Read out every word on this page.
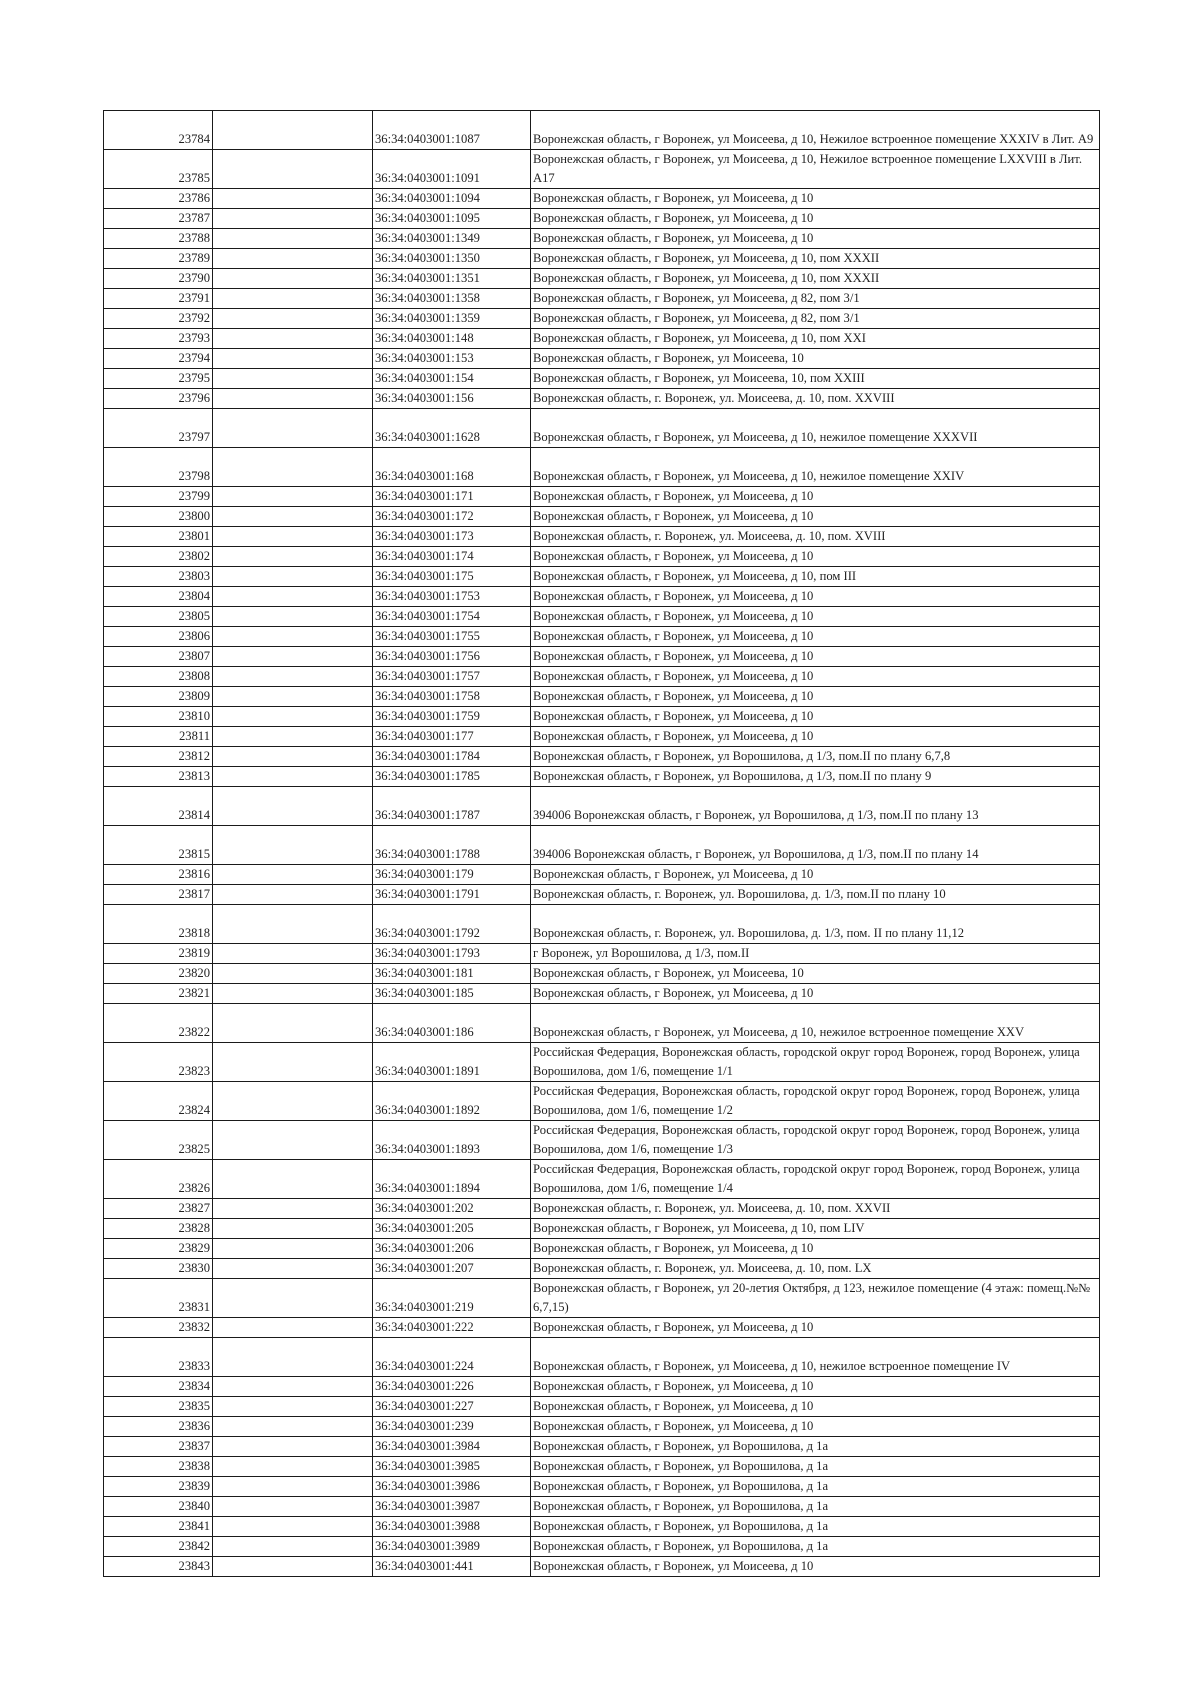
23784		36:34:0403001:1087	Воронежская область, г Воронеж, ул Моисеева, д 10, Нежилое встроенное помещение XXXIV в Лит. А9
23785		36:34:0403001:1091	Воронежская область, г Воронеж, ул Моисеева, д 10, Нежилое встроенное помещение LXXVIII в Лит. А17
23786		36:34:0403001:1094	Воронежская область, г Воронеж, ул Моисеева, д 10
23787		36:34:0403001:1095	Воронежская область, г Воронеж, ул Моисеева, д 10
23788		36:34:0403001:1349	Воронежская область, г Воронеж, ул Моисеева, д 10
23789		36:34:0403001:1350	Воронежская область, г Воронеж, ул Моисеева, д 10, пом XXXII
23790		36:34:0403001:1351	Воронежская область, г Воронеж, ул Моисеева, д 10, пом XXXII
23791		36:34:0403001:1358	Воронежская область, г Воронеж, ул Моисеева, д 82, пом 3/1
23792		36:34:0403001:1359	Воронежская область, г Воронеж, ул Моисеева, д 82, пом 3/1
23793		36:34:0403001:148	Воронежская область, г Воронеж, ул Моисеева, д 10, пом XXI
23794		36:34:0403001:153	Воронежская область, г Воронеж, ул Моисеева, 10
23795		36:34:0403001:154	Воронежская область, г Воронеж, ул Моисеева, 10, пом XXIII
23796		36:34:0403001:156	Воронежская область, г. Воронеж, ул. Моисеева, д. 10, пом. XXVIII
23797		36:34:0403001:1628	Воронежская область, г Воронеж, ул Моисеева, д 10, нежилое помещение XXXVII
23798		36:34:0403001:168	Воронежская область, г Воронеж, ул Моисеева, д 10, нежилое помещение XXIV
23799		36:34:0403001:171	Воронежская область, г Воронеж, ул Моисеева, д 10
23800		36:34:0403001:172	Воронежская область, г Воронеж, ул Моисеева, д 10
23801		36:34:0403001:173	Воронежская область, г. Воронеж, ул. Моисеева, д. 10, пом. XVIII
23802		36:34:0403001:174	Воронежская область, г Воронеж, ул Моисеева, д 10
23803		36:34:0403001:175	Воронежская область, г Воронеж, ул Моисеева, д 10, пом III
23804		36:34:0403001:1753	Воронежская область, г Воронеж, ул Моисеева, д 10
23805		36:34:0403001:1754	Воронежская область, г Воронеж, ул Моисеева, д 10
23806		36:34:0403001:1755	Воронежская область, г Воронеж, ул Моисеева, д 10
23807		36:34:0403001:1756	Воронежская область, г Воронеж, ул Моисеева, д 10
23808		36:34:0403001:1757	Воронежская область, г Воронеж, ул Моисеева, д 10
23809		36:34:0403001:1758	Воронежская область, г Воронеж, ул Моисеева, д 10
23810		36:34:0403001:1759	Воронежская область, г Воронеж, ул Моисеева, д 10
23811		36:34:0403001:177	Воронежская область, г Воронеж, ул Моисеева, д 10
23812		36:34:0403001:1784	Воронежская область, г Воронеж, ул Ворошилова, д 1/3, пом.II по плану 6,7,8
23813		36:34:0403001:1785	Воронежская область, г Воронеж, ул Ворошилова, д 1/3, пом.II по плану 9
23814		36:34:0403001:1787	394006 Воронежская область, г Воронеж, ул Ворошилова, д 1/3, пом.II по плану 13
23815		36:34:0403001:1788	394006 Воронежская область, г Воронеж, ул Ворошилова, д 1/3, пом.II по плану 14
23816		36:34:0403001:179	Воронежская область, г Воронеж, ул Моисеева, д 10
23817		36:34:0403001:1791	Воронежская область, г. Воронеж, ул. Ворошилова, д. 1/3, пом.II по плану 10
23818		36:34:0403001:1792	Воронежская область, г. Воронеж, ул. Ворошилова, д. 1/3, пом. II по плану 11,12
23819		36:34:0403001:1793	г Воронеж, ул Ворошилова, д 1/3, пом.II
23820		36:34:0403001:181	Воронежская область, г Воронеж, ул Моисеева, 10
23821		36:34:0403001:185	Воронежская область, г Воронеж, ул Моисеева, д 10
23822		36:34:0403001:186	Воронежская область, г Воронеж, ул Моисеева, д 10, нежилое встроенное помещение XXV
23823		36:34:0403001:1891	Российская Федерация, Воронежская область, городской округ город Воронеж, город Воронеж, улица Ворошилова, дом 1/6, помещение 1/1
23824		36:34:0403001:1892	Российская Федерация, Воронежская область, городской округ город Воронеж, город Воронеж, улица Ворошилова, дом 1/6, помещение 1/2
23825		36:34:0403001:1893	Российская Федерация, Воронежская область, городской округ город Воронеж, город Воронеж, улица Ворошилова, дом 1/6, помещение 1/3
23826		36:34:0403001:1894	Российская Федерация, Воронежская область, городской округ город Воронеж, город Воронеж, улица Ворошилова, дом 1/6, помещение 1/4
23827		36:34:0403001:202	Воронежская область, г. Воронеж, ул. Моисеева, д. 10, пом. XXVII
23828		36:34:0403001:205	Воронежская область, г Воронеж, ул Моисеева, д 10, пом LIV
23829		36:34:0403001:206	Воронежская область, г Воронеж, ул Моисеева, д 10
23830		36:34:0403001:207	Воронежская область, г. Воронеж, ул. Моисеева, д. 10, пом. LX
23831		36:34:0403001:219	Воронежская область, г Воронеж, ул 20-летия Октября, д 123, нежилое помещение (4 этаж: помещ.№№ 6,7,15)
23832		36:34:0403001:222	Воронежская область, г Воронеж, ул Моисеева, д 10
23833		36:34:0403001:224	Воронежская область, г Воронеж, ул Моисеева, д 10, нежилое встроенное помещение IV
23834		36:34:0403001:226	Воронежская область, г Воронеж, ул Моисеева, д 10
23835		36:34:0403001:227	Воронежская область, г Воронеж, ул Моисеева, д 10
23836		36:34:0403001:239	Воронежская область, г Воронеж, ул Моисеева, д 10
23837		36:34:0403001:3984	Воронежская область, г Воронеж, ул Ворошилова, д 1а
23838		36:34:0403001:3985	Воронежская область, г Воронеж, ул Ворошилова, д 1а
23839		36:34:0403001:3986	Воронежская область, г Воронеж, ул Ворошилова, д 1а
23840		36:34:0403001:3987	Воронежская область, г Воронеж, ул Ворошилова, д 1а
23841		36:34:0403001:3988	Воронежская область, г Воронеж, ул Ворошилова, д 1а
23842		36:34:0403001:3989	Воронежская область, г Воронеж, ул Ворошилова, д 1а
23843		36:34:0403001:441	Воронежская область, г Воронеж, ул Моисеева, д 10
